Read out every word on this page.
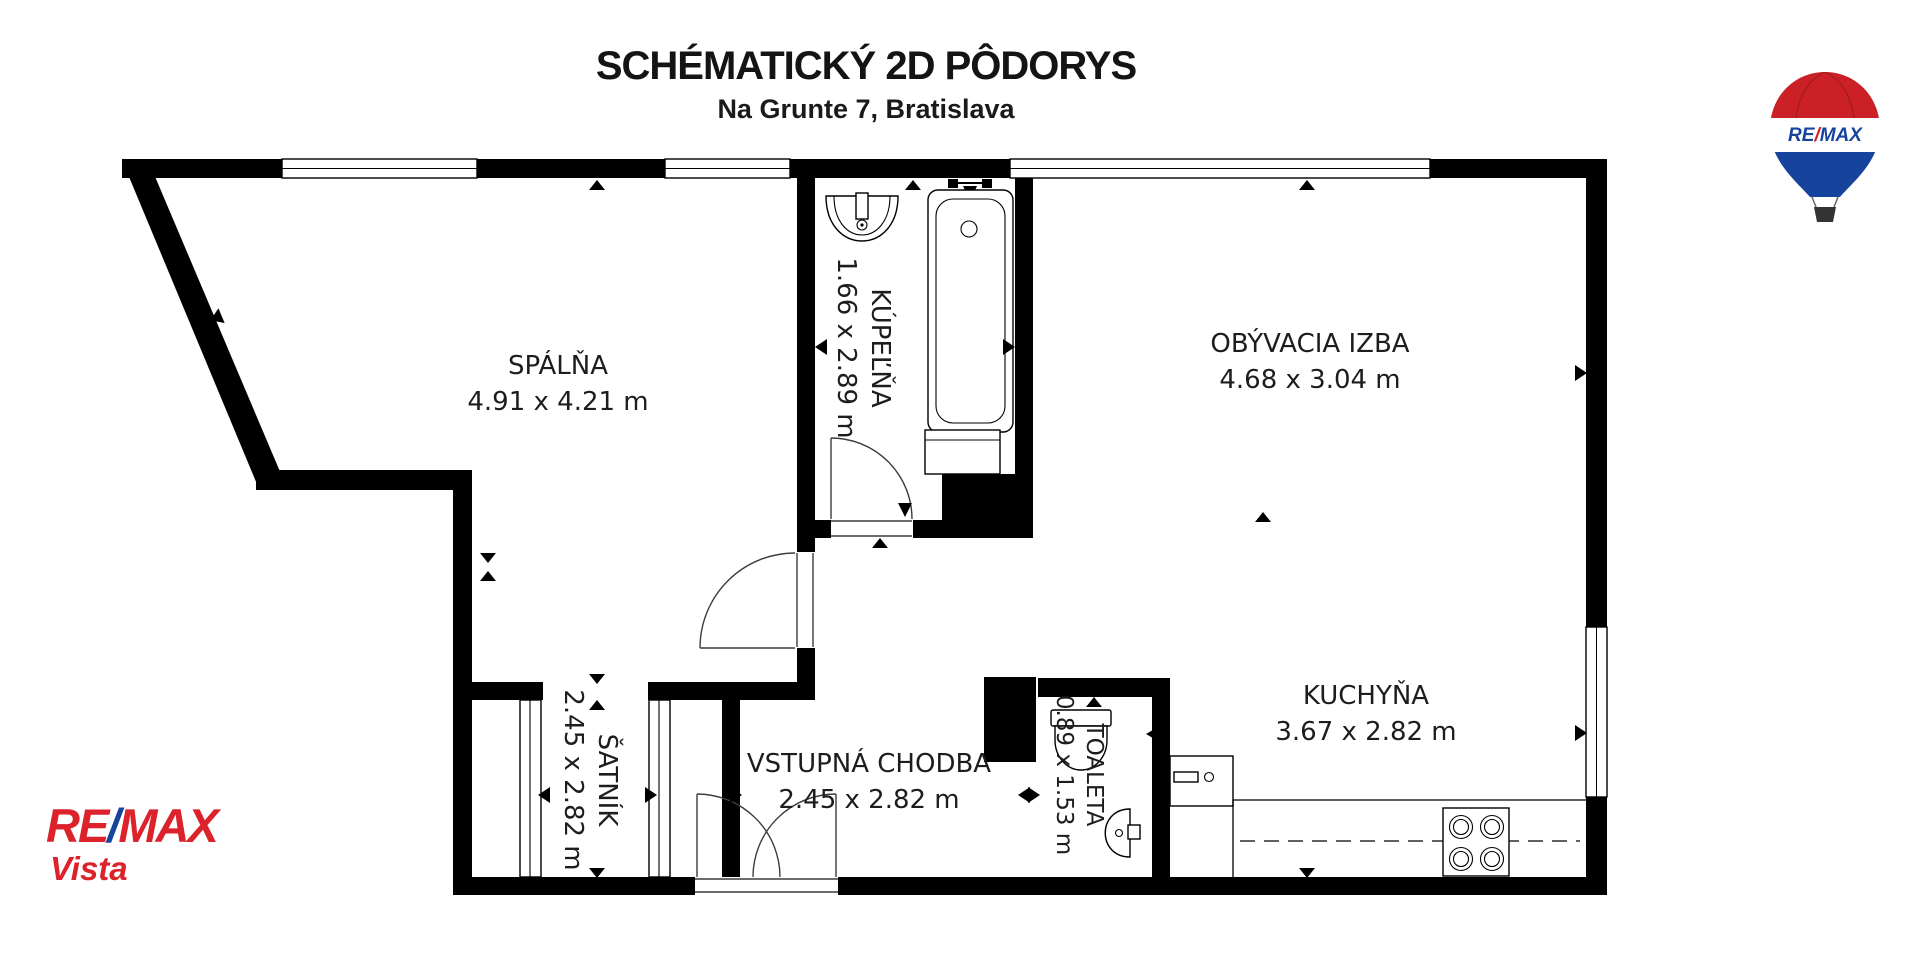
SCHÉMATICKÝ 2D PÔDORYS
Na Grunte 7, Bratislava
SPÁLŇA
4.91 x 4.21 m
OBÝVACIA IZBA
4.68 x 3.04 m
KUCHYŇA
3.67 x 2.82 m
VSTUPNÁ CHODBA
2.45 x 2.82 m
KÚPEĽŇA
1.66 x 2.89 m
ŠATNÍK
2.45 x 2.82 m	TOALETA
0.89 x 1.53 m
RE/MAX
RE/MAX
Vista
